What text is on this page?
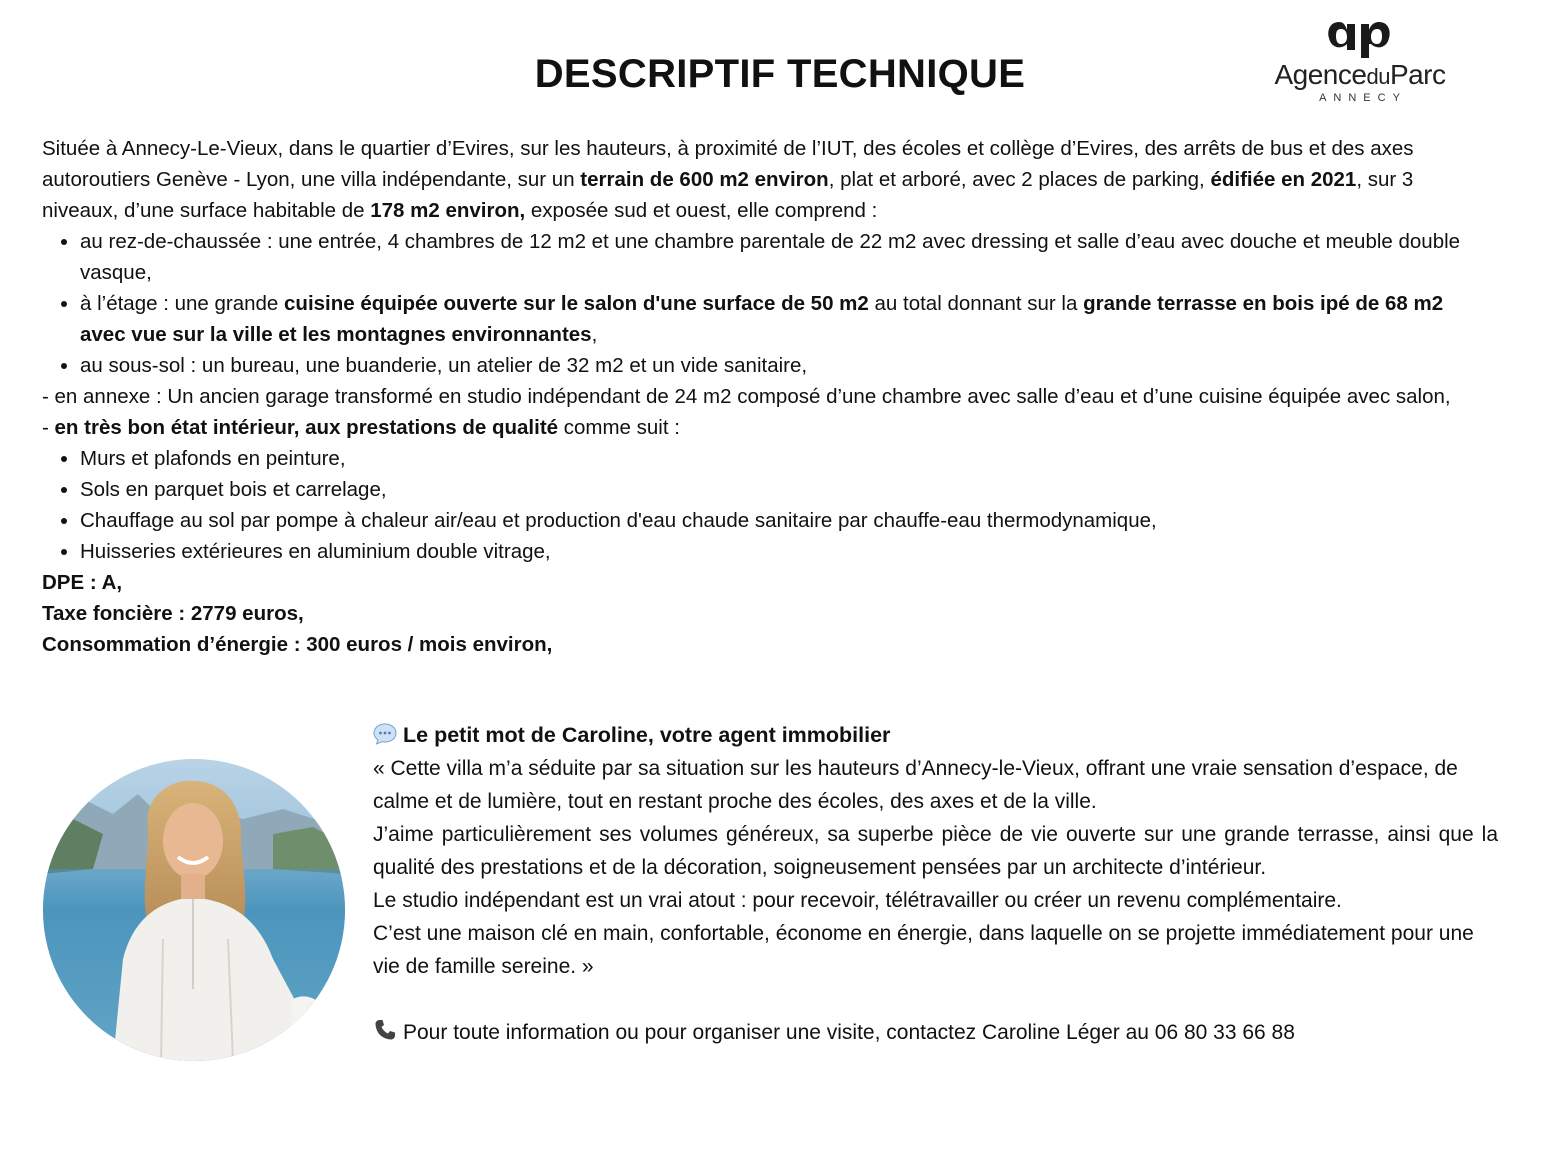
DESCRIPTIF TECHNIQUE	AgenceduParc
ANNECY

Située à Annecy-Le-Vieux, dans le quartier d’Evires, sur les hauteurs, à proximité de l’IUT, des écoles et collège d’Evires, des arrêts de bus et des axes autoroutiers Genève - Lyon, une villa indépendante, sur un terrain de 600 m2 environ, plat et arboré, avec 2 places de parking, édifiée en 2021, sur 3 niveaux, d’une surface habitable de 178 m2 environ, exposée sud et ouest, elle comprend :

• au rez-de-chaussée : une entrée, 4 chambres de 12 m2 et une chambre parentale de 22 m2 avec dressing et salle d’eau avec douche et meuble double vasque,
• à l’étage : une grande cuisine équipée ouverte sur le salon d'une surface de 50 m2 au total donnant sur la grande terrasse en bois ipé de 68 m2 avec vue sur la ville et les montagnes environnantes,
• au sous-sol : un bureau, une buanderie, un atelier de 32 m2 et un vide sanitaire,

- en annexe : Un ancien garage transformé en studio indépendant de 24 m2 composé d’une chambre avec salle d’eau et d’une cuisine équipée avec salon,

- en très bon état intérieur, aux prestations de qualité comme suit :

• Murs et plafonds en peinture,
• Sols en parquet bois et carrelage,
• Chauffage au sol par pompe à chaleur air/eau et production d'eau chaude sanitaire par chauffe-eau thermodynamique,
• Huisseries extérieures en aluminium double vitrage,

DPE : A,

Taxe foncière : 2779 euros,

Consommation d’énergie : 300 euros / mois environ,

Le petit mot de Caroline, votre agent immobilier

« Cette villa m’a séduite par sa situation sur les hauteurs d’Annecy-le-Vieux, offrant une vraie sensation d’espace, de calme et de lumière, tout en restant proche des écoles, des axes et de la ville.

J’aime particulièrement ses volumes généreux, sa superbe pièce de vie ouverte sur une grande terrasse, ainsi que la qualité des prestations et de la décoration, soigneusement pensées par un architecte d’intérieur.

Le studio indépendant est un vrai atout : pour recevoir, télétravailler ou créer un revenu complémentaire.

C’est une maison clé en main, confortable, économe en énergie, dans laquelle on se projette immédiatement pour une vie de famille sereine. »

Pour toute information ou pour organiser une visite, contactez Caroline Léger au 06 80 33 66 88
